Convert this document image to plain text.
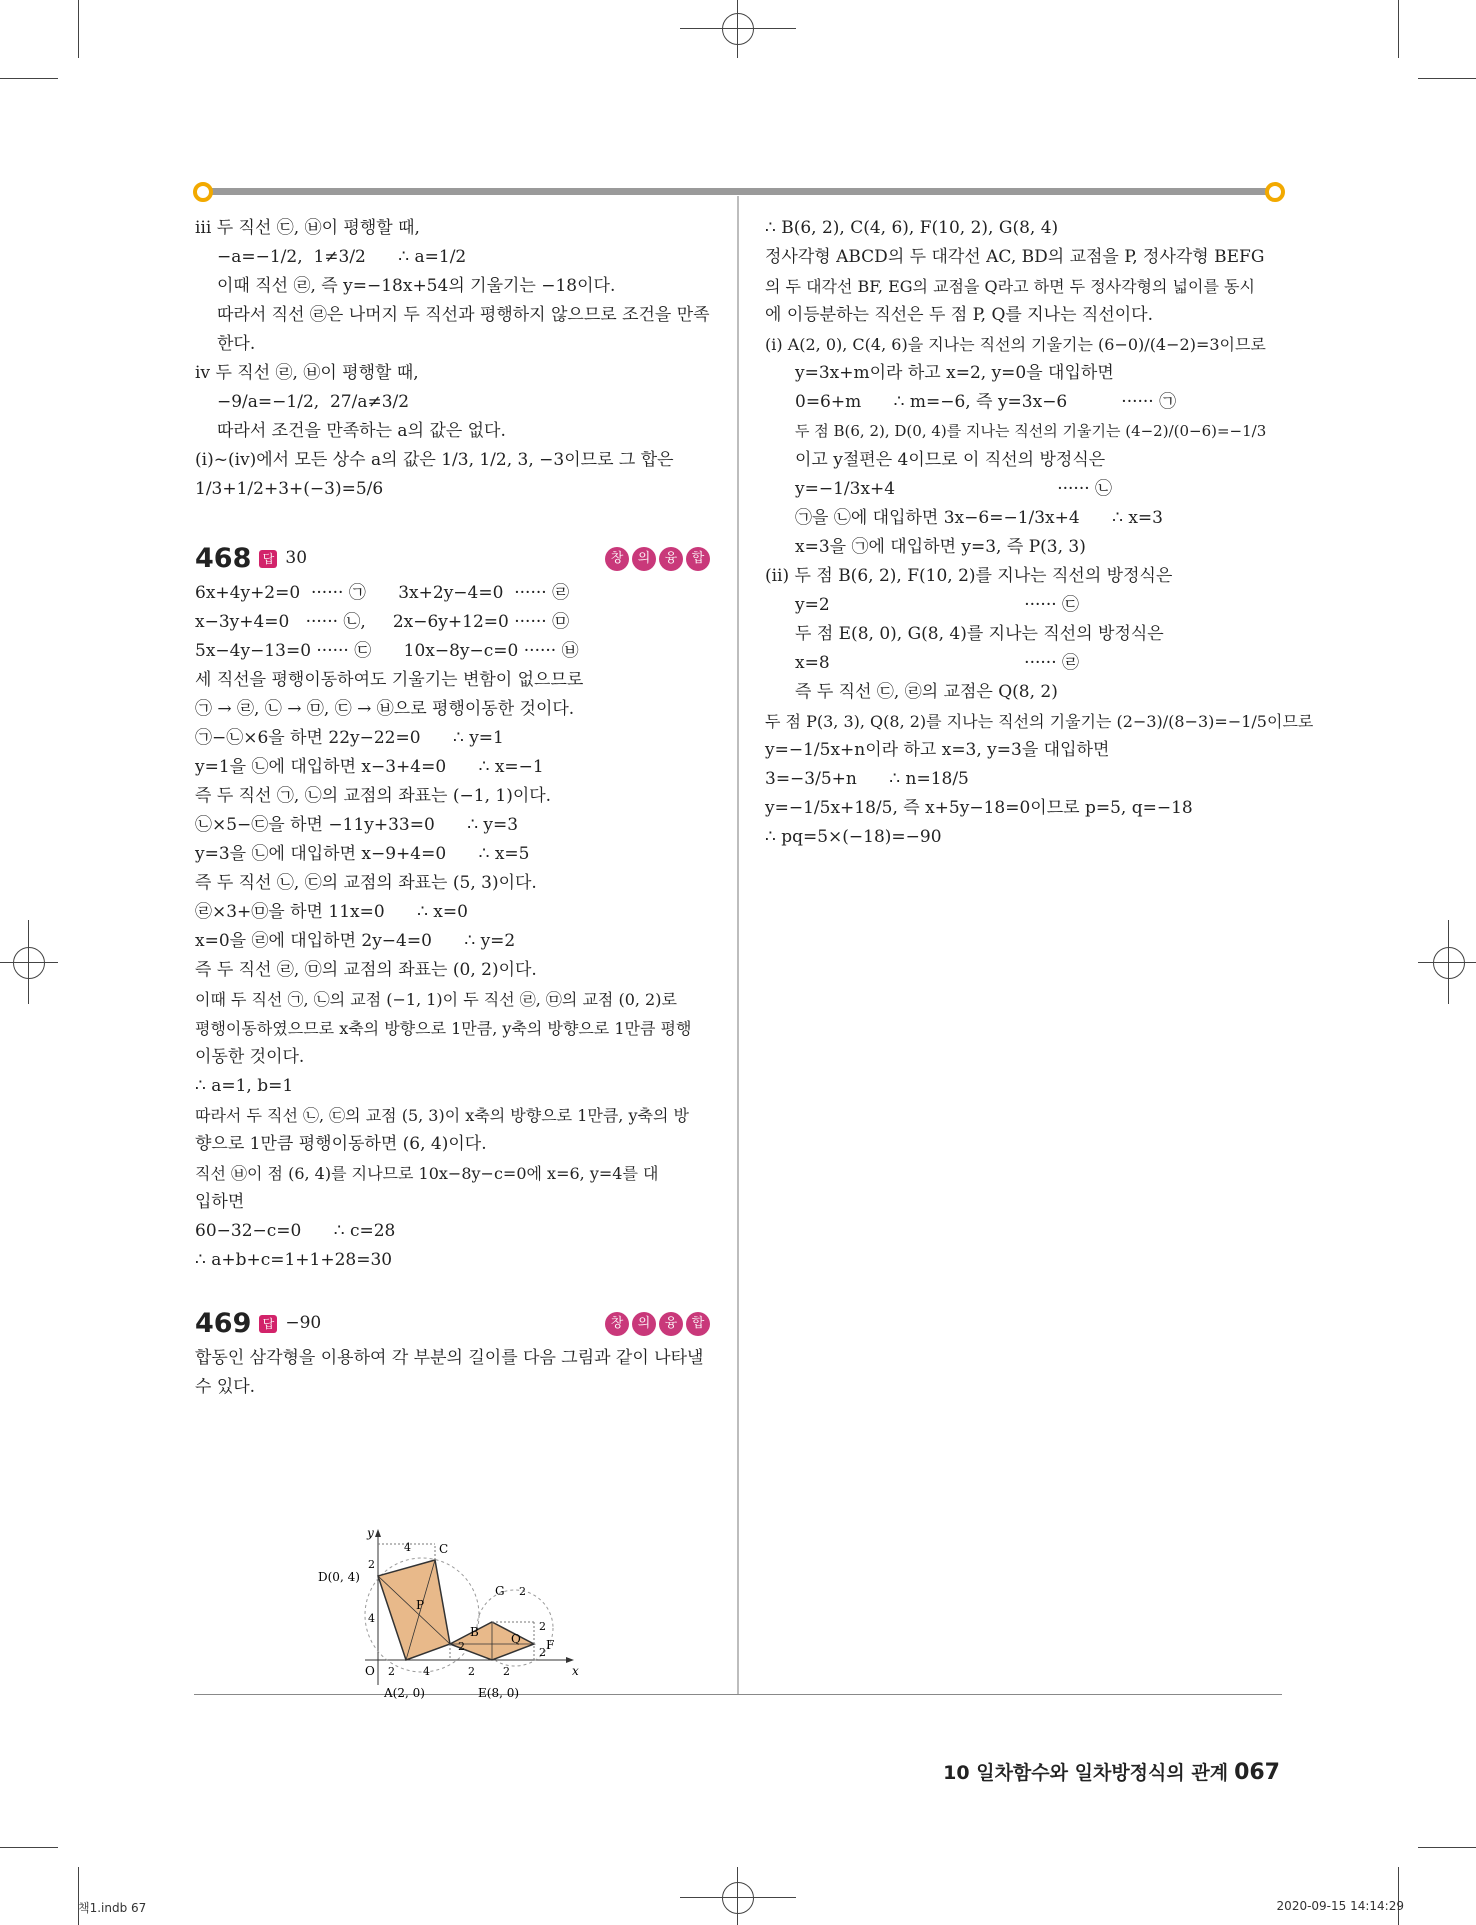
ⅲ 두 직선 ㉢, ㉥이 평행할 때,
−a=−1/2,  1≠3/2      ∴ a=1/2
이때 직선 ㉣, 즉 y=−18x+54의 기울기는 −18이다.
따라서 직선 ㉣은 나머지 두 직선과 평행하지 않으므로 조건을 만족
한다.
ⅳ 두 직선 ㉣, ㉥이 평행할 때,
−9/a=−1/2,  27/a≠3/2
따라서 조건을 만족하는 a의 값은 없다.
(ⅰ)~(ⅳ)에서 모든 상수 a의 값은 1/3, 1/2, 3, −3이므로 그 합은
1/3+1/2+3+(−3)=5/6
468 답 30	창	의	융	합
6x+4y+2=0  ······ ㉠      3x+2y−4=0  ······ ㉣
x−3y+4=0   ······ ㉡,     2x−6y+12=0 ······ ㉤
5x−4y−13=0 ······ ㉢      10x−8y−c=0 ······ ㉥
세 직선을 평행이동하여도 기울기는 변함이 없으므로
㉠ → ㉣, ㉡ → ㉤, ㉢ → ㉥으로 평행이동한 것이다.
㉠−㉡×6을 하면 22y−22=0      ∴ y=1
y=1을 ㉡에 대입하면 x−3+4=0      ∴ x=−1
즉 두 직선 ㉠, ㉡의 교점의 좌표는 (−1, 1)이다.
㉡×5−㉢을 하면 −11y+33=0      ∴ y=3
y=3을 ㉡에 대입하면 x−9+4=0      ∴ x=5
즉 두 직선 ㉡, ㉢의 교점의 좌표는 (5, 3)이다.
㉣×3+㉤을 하면 11x=0      ∴ x=0
x=0을 ㉣에 대입하면 2y−4=0      ∴ y=2
즉 두 직선 ㉣, ㉤의 교점의 좌표는 (0, 2)이다.
이때 두 직선 ㉠, ㉡의 교점 (−1, 1)이 두 직선 ㉣, ㉤의 교점 (0, 2)로
평행이동하였으므로 x축의 방향으로 1만큼, y축의 방향으로 1만큼 평행
이동한 것이다.
∴ a=1, b=1
따라서 두 직선 ㉡, ㉢의 교점 (5, 3)이 x축의 방향으로 1만큼, y축의 방
향으로 1만큼 평행이동하면 (6, 4)이다.
직선 ㉥이 점 (6, 4)를 지나므로 10x−8y−c=0에 x=6, y=4를 대
입하면
60−32−c=0      ∴ c=28
∴ a+b+c=1+1+28=30
469 답 −90	창	의	융	합
합동인 삼각형을 이용하여 각 부분의 길이를 다음 그림과 같이 나타낼
수 있다.
y
x
O
C
D(0, 4)
P
B
G
Q F
A(2, 0)	E(8, 0)
4
2
4
2	4
2
2	2
2
2
2
∴ B(6, 2), C(4, 6), F(10, 2), G(8, 4)
정사각형 ABCD의 두 대각선 AC, BD의 교점을 P, 정사각형 BEFG
의 두 대각선 BF, EG의 교점을 Q라고 하면 두 정사각형의 넓이를 동시
에 이등분하는 직선은 두 점 P, Q를 지나는 직선이다.
(ⅰ) A(2, 0), C(4, 6)을 지나는 직선의 기울기는 (6−0)/(4−2)=3이므로
y=3x+m이라 하고 x=2, y=0을 대입하면
0=6+m      ∴ m=−6, 즉 y=3x−6          ······ ㉠
두 점 B(6, 2), D(0, 4)를 지나는 직선의 기울기는 (4−2)/(0−6)=−1/3
이고 y절편은 4이므로 이 직선의 방정식은
y=−1/3x+4                              ······ ㉡
㉠을 ㉡에 대입하면 3x−6=−1/3x+4      ∴ x=3
x=3을 ㉠에 대입하면 y=3, 즉 P(3, 3)
(ⅱ) 두 점 B(6, 2), F(10, 2)를 지나는 직선의 방정식은
y=2                                    ······ ㉢
두 점 E(8, 0), G(8, 4)를 지나는 직선의 방정식은
x=8                                    ······ ㉣
즉 두 직선 ㉢, ㉣의 교점은 Q(8, 2)
두 점 P(3, 3), Q(8, 2)를 지나는 직선의 기울기는 (2−3)/(8−3)=−1/5이므로
y=−1/5x+n이라 하고 x=3, y=3을 대입하면
3=−3/5+n      ∴ n=18/5
y=−1/5x+18/5, 즉 x+5y−18=0이므로 p=5, q=−18
∴ pq=5×(−18)=−90
10 일차함수와 일차방정식의 관계 067
책1.indb 67	2020-09-15 14:14:29
